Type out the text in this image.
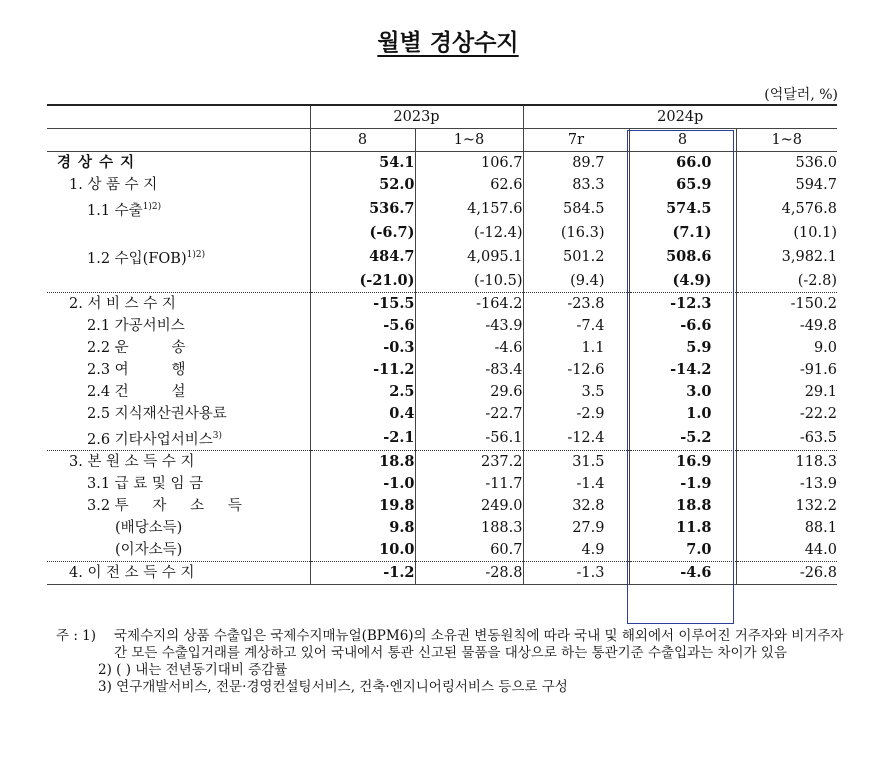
월별 경상수지
(억달러, %)
	2023p		2024p		
	8	1~8	7r	8	1~8
경 상 수 지	54.1	106.7	89.7	66.0	536.0
1. 상 품 수 지	52.0	62.6	83.3	65.9	594.7
1.1 수출$^{1)2)}$	536.7	4,157.6	584.5	574.5	4,576.8
	(-6.7)	(-12.4)	(16.3)	(7.1)	(10.1)
1.2 수입(FOB)$^{1)2)}$	484.7	4,095.1	501.2	508.6	3,982.1
	(-21.0)	(-10.5)	(9.4)	(4.9)	(-2.8)
2. 서 비 스 수 지	-15.5	-164.2	-23.8	-12.3	-150.2
2.1 가공서비스	-5.6	-43.9	-7.4	-6.6	-49.8
2.2 운 　 　 송	-0.3	-4.6	1.1	5.9	9.0
2.3 여 　 　 행	-11.2	-83.4	-12.6	-14.2	-91.6
2.4 건 　 　 설	2.5	29.6	3.5	3.0	29.1
2.5 지식재산권사용료	0.4	-22.7	-2.9	1.0	-22.2
2.6 기타사업서비스$^{3)}$	-2.1	-56.1	-12.4	-5.2	-63.5
3. 본 원 소 득 수 지	18.8	237.2	31.5	16.9	118.3
3.1 급 료 및 임 금	-1.0	-11.7	-1.4	-1.9	-13.9
3.2 투 　 자 　 소 　 득	19.8	249.0	32.8	18.8	132.2
(배당소득)	9.8	188.3	27.9	11.8	88.1
(이자소득)	10.0	60.7	4.9	7.0	44.0
4. 이 전 소 득 수 지	-1.2	-28.8	-1.3	-4.6	-26.8
주 : 1)	국제수지의 상품 수출입은 국제수지매뉴얼(BPM6)의 소유권 변동원칙에 따라 국내 및 해외에서 이루어진 거주자와 비거주자 간 모든 수출입거래를 계상하고 있어 국내에서 통관 신고된 물품을 대상으로 하는 통관기준 수출입과는 차이가 있음
2) ( ) 내는 전년동기대비 증감률
3) 연구개발서비스, 전문·경영컨설팅서비스, 건축·엔지니어링서비스 등으로 구성
